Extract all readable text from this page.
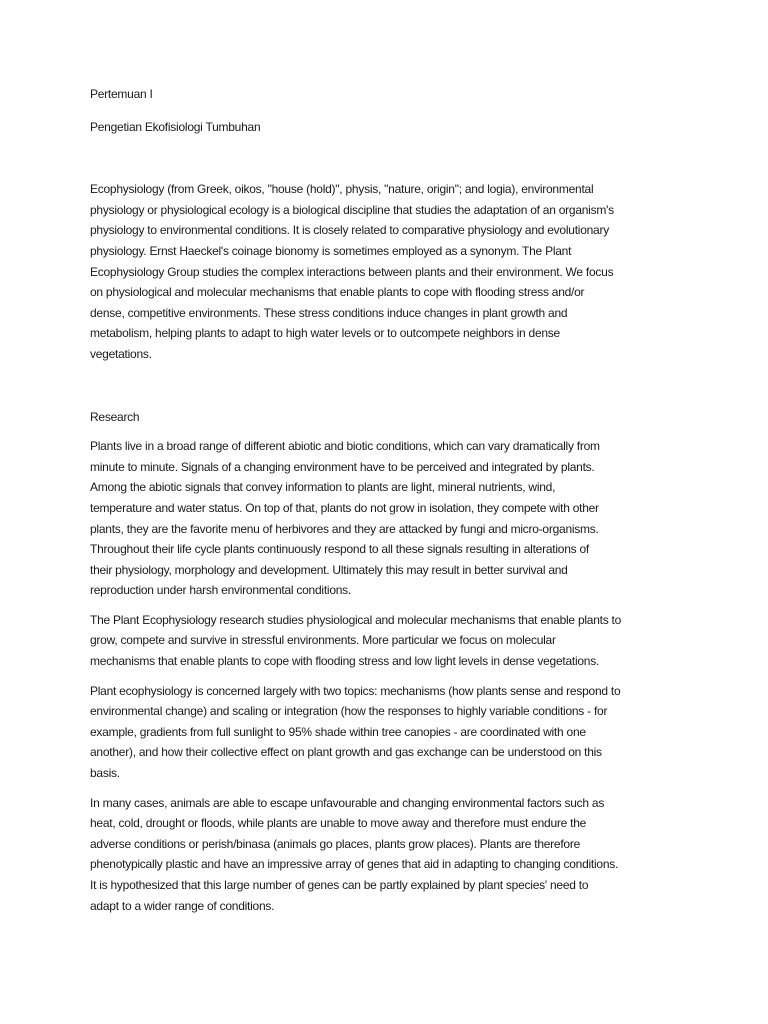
Pertemuan I
Pengetian Ekofisiologi Tumbuhan
Ecophysiology (from Greek, oikos, "house (hold)", physis, "nature, origin"; and logia), environmental
physiology or physiological ecology is a biological discipline that studies the adaptation of an organism's
physiology to environmental conditions. It is closely related to comparative physiology and evolutionary
physiology. Ernst Haeckel's coinage bionomy is sometimes employed as a synonym. The Plant
Ecophysiology Group studies the complex interactions between plants and their environment. We focus
on physiological and molecular mechanisms that enable plants to cope with flooding stress and/or
dense, competitive environments. These stress conditions induce changes in plant growth and
metabolism, helping plants to adapt to high water levels or to outcompete neighbors in dense
vegetations.
Research
Plants live in a broad range of different abiotic and biotic conditions, which can vary dramatically from
minute to minute. Signals of a changing environment have to be perceived and integrated by plants.
Among the abiotic signals that convey information to plants are light, mineral nutrients, wind,
temperature and water status. On top of that, plants do not grow in isolation, they compete with other
plants, they are the favorite menu of herbivores and they are attacked by fungi and micro-organisms.
Throughout their life cycle plants continuously respond to all these signals resulting in alterations of
their physiology, morphology and development. Ultimately this may result in better survival and
reproduction under harsh environmental conditions.
The Plant Ecophysiology research studies physiological and molecular mechanisms that enable plants to
grow, compete and survive in stressful environments. More particular we focus on molecular
mechanisms that enable plants to cope with flooding stress and low light levels in dense vegetations.
Plant ecophysiology is concerned largely with two topics: mechanisms (how plants sense and respond to
environmental change) and scaling or integration (how the responses to highly variable conditions - for
example, gradients from full sunlight to 95% shade within tree canopies - are coordinated with one
another), and how their collective effect on plant growth and gas exchange can be understood on this
basis.
In many cases, animals are able to escape unfavourable and changing environmental factors such as
heat, cold, drought or floods, while plants are unable to move away and therefore must endure the
adverse conditions or perish/binasa (animals go places, plants grow places). Plants are therefore
phenotypically plastic and have an impressive array of genes that aid in adapting to changing conditions.
It is hypothesized that this large number of genes can be partly explained by plant species' need to
adapt to a wider range of conditions.
